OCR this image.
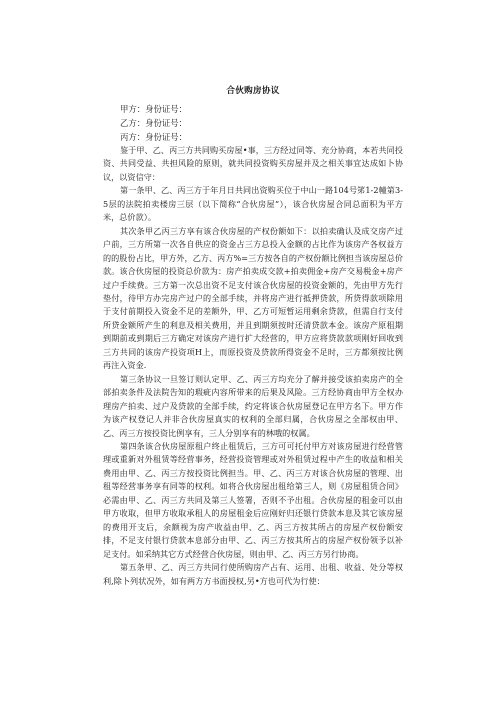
合伙购房协议

甲方：身份证号：

乙方：身份证号：

丙方：身份证号：

鉴于甲、乙、丙三方共同购买房屋•事，三方经过同等、充分协商，本若共同投资、共同受益、共担风险的原则，就共同投资购买房屋并及之相关事宜达成如卜协议，以资信守：

第一条甲、乙、丙三方于年月日共同出资购买位于中山一路104号笫1-2幢第3-5层的法院拍卖楼房三层（以下简称“合伙房屋”），该合伙房屋合同总面积为平方米，总价款）。

其次条甲乙丙三方享有该合伙房屋的产权份额如下：以拍卖确认及成交房产过户前，三方所第一次各自供应的资金占三方总投入金额的占比作为该房产各权益方的的股份占比，甲方外，乙方、丙方%=三方按各自的产权份额比例担当该房屋总价款。该合伙房屋的投资总价款为：房产拍卖成交款+拍卖佣金+房产交易税金+房产过户手续费。三方第一次总出资不足支付该合伙房屋的投资金额的，先由甲方先行垫付，待甲方办完房产过户的全部手续，并将房产进行抵押贷款，所贷得款项除用于支付前期投入资金不足的差额外，甲、乙方可短暂运用剩余贷款，但需自行支付所贷金额所产生的利息及相关费用，并且到期须按时还清贷款本金。该房产原租期到期前或到期后三方确定对该房产进行扩大经营的，甲方应将贷款款项刚好回收到三方共同的该房产投资项H上，而原投资及贷款所得资金不足时，三方都须按比例再注入资金.

第三条协议一旦签订则认定甲、乙、丙三方均充分了解并接受该拍卖房产的全部拍卖条件及法院告知的瑕疵内容所带来的后果及风险。三方经协商由甲方全权办理房产拍卖、过户及贷款的全部手续，约定将该合伙房屋登记在甲方名下。甲方作为该产权登记人并非合伙房屋真实的权利的全部归属，合伙房屋之全部权由甲、乙、丙三方按投资比例享有，三人分别享有的林哦的权属。

第四条该合伙房屋原租户终止租赁后，三方可可托付甲方对该房屋进行经营管理或重新对外租赁等经营事务，经营投资管理或对外租赁过程中产生的收益和相关费用由甲、乙、丙三方按投资比例担当。甲、乙、丙三方对该合伙房屋的管理、出租等经营事务享有同等的权利。如将合伙房屋出租给第三人，则《房屋租赁合同》必需由甲、乙、丙三方共同及第三人签署，否则不予出租。合伙房屋的租金可以由甲方收取，但甲方收取承租人的房屋租金后应刚好归还银行贷款本息及其它该房屋的费用开支后，余额视为房产收益由甲、乙、丙三方按其所占的房屋产权份额安排，不足支付银行贷款本息部分由甲、乙、丙三方按其所占的房屋产权份领予以补足支付。如采纳其它方式经营合伙房屋，则由甲、乙、丙三方另行协商。

第五条甲、乙、丙三方共同行使所购房产占有、运用、出租、收益、处分等权利,除卜列状况外，如有两方方书面授权,另•方也可代为行使：
